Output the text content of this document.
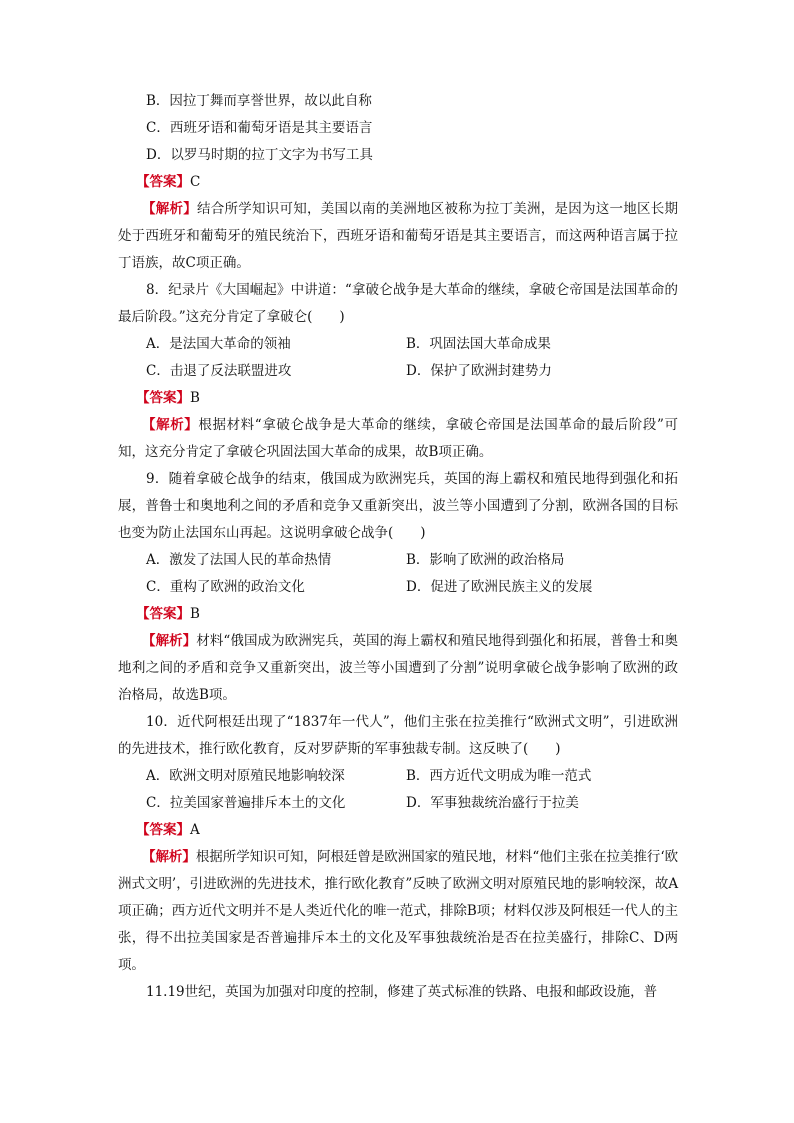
B．因拉丁舞而享誉世界，故以此自称
C．西班牙语和葡萄牙语是其主要语言
D．以罗马时期的拉丁文字为书写工具
【答案】C

【解析】结合所学知识可知，美国以南的美洲地区被称为拉丁美洲，是因为这一地区长期处于西班牙和葡萄牙的殖民统治下，西班牙语和葡萄牙语是其主要语言，而这两种语言属于拉丁语族，故C项正确。

8．纪录片《大国崛起》中讲道：“拿破仑战争是大革命的继续，拿破仑帝国是法国革命的最后阶段。”这充分肯定了拿破仑(　　)

A．是法国大革命的领袖	B．巩固法国大革命成果
C．击退了反法联盟进攻	D．保护了欧洲封建势力
【答案】B

【解析】根据材料“拿破仑战争是大革命的继续，拿破仑帝国是法国革命的最后阶段”可知，这充分肯定了拿破仑巩固法国大革命的成果，故B项正确。

9．随着拿破仑战争的结束，俄国成为欧洲宪兵，英国的海上霸权和殖民地得到强化和拓展，普鲁士和奥地利之间的矛盾和竞争又重新突出，波兰等小国遭到了分割，欧洲各国的目标也变为防止法国东山再起。这说明拿破仑战争(　　)

A．激发了法国人民的革命热情	B．影响了欧洲的政治格局
C．重构了欧洲的政治文化	D．促进了欧洲民族主义的发展
【答案】B

【解析】材料“俄国成为欧洲宪兵，英国的海上霸权和殖民地得到强化和拓展，普鲁士和奥地利之间的矛盾和竞争又重新突出，波兰等小国遭到了分割”说明拿破仑战争影响了欧洲的政治格局，故选B项。

10．近代阿根廷出现了“1837年一代人”，他们主张在拉美推行“欧洲式文明”，引进欧洲的先进技术，推行欧化教育，反对罗萨斯的军事独裁专制。这反映了(　　)

A．欧洲文明对原殖民地影响较深	B．西方近代文明成为唯一范式
C．拉美国家普遍排斥本土的文化	D．军事独裁统治盛行于拉美
【答案】A

【解析】根据所学知识可知，阿根廷曾是欧洲国家的殖民地，材料“他们主张在拉美推行‘欧洲式文明’，引进欧洲的先进技术，推行欧化教育”反映了欧洲文明对原殖民地的影响较深，故A项正确；西方近代文明并不是人类近代化的唯一范式，排除B项；材料仅涉及阿根廷一代人的主张，得不出拉美国家是否普遍排斥本土的文化及军事独裁统治是否在拉美盛行，排除C、D两项。

11.19世纪，英国为加强对印度的控制，修建了英式标准的铁路、电报和邮政设施，普
